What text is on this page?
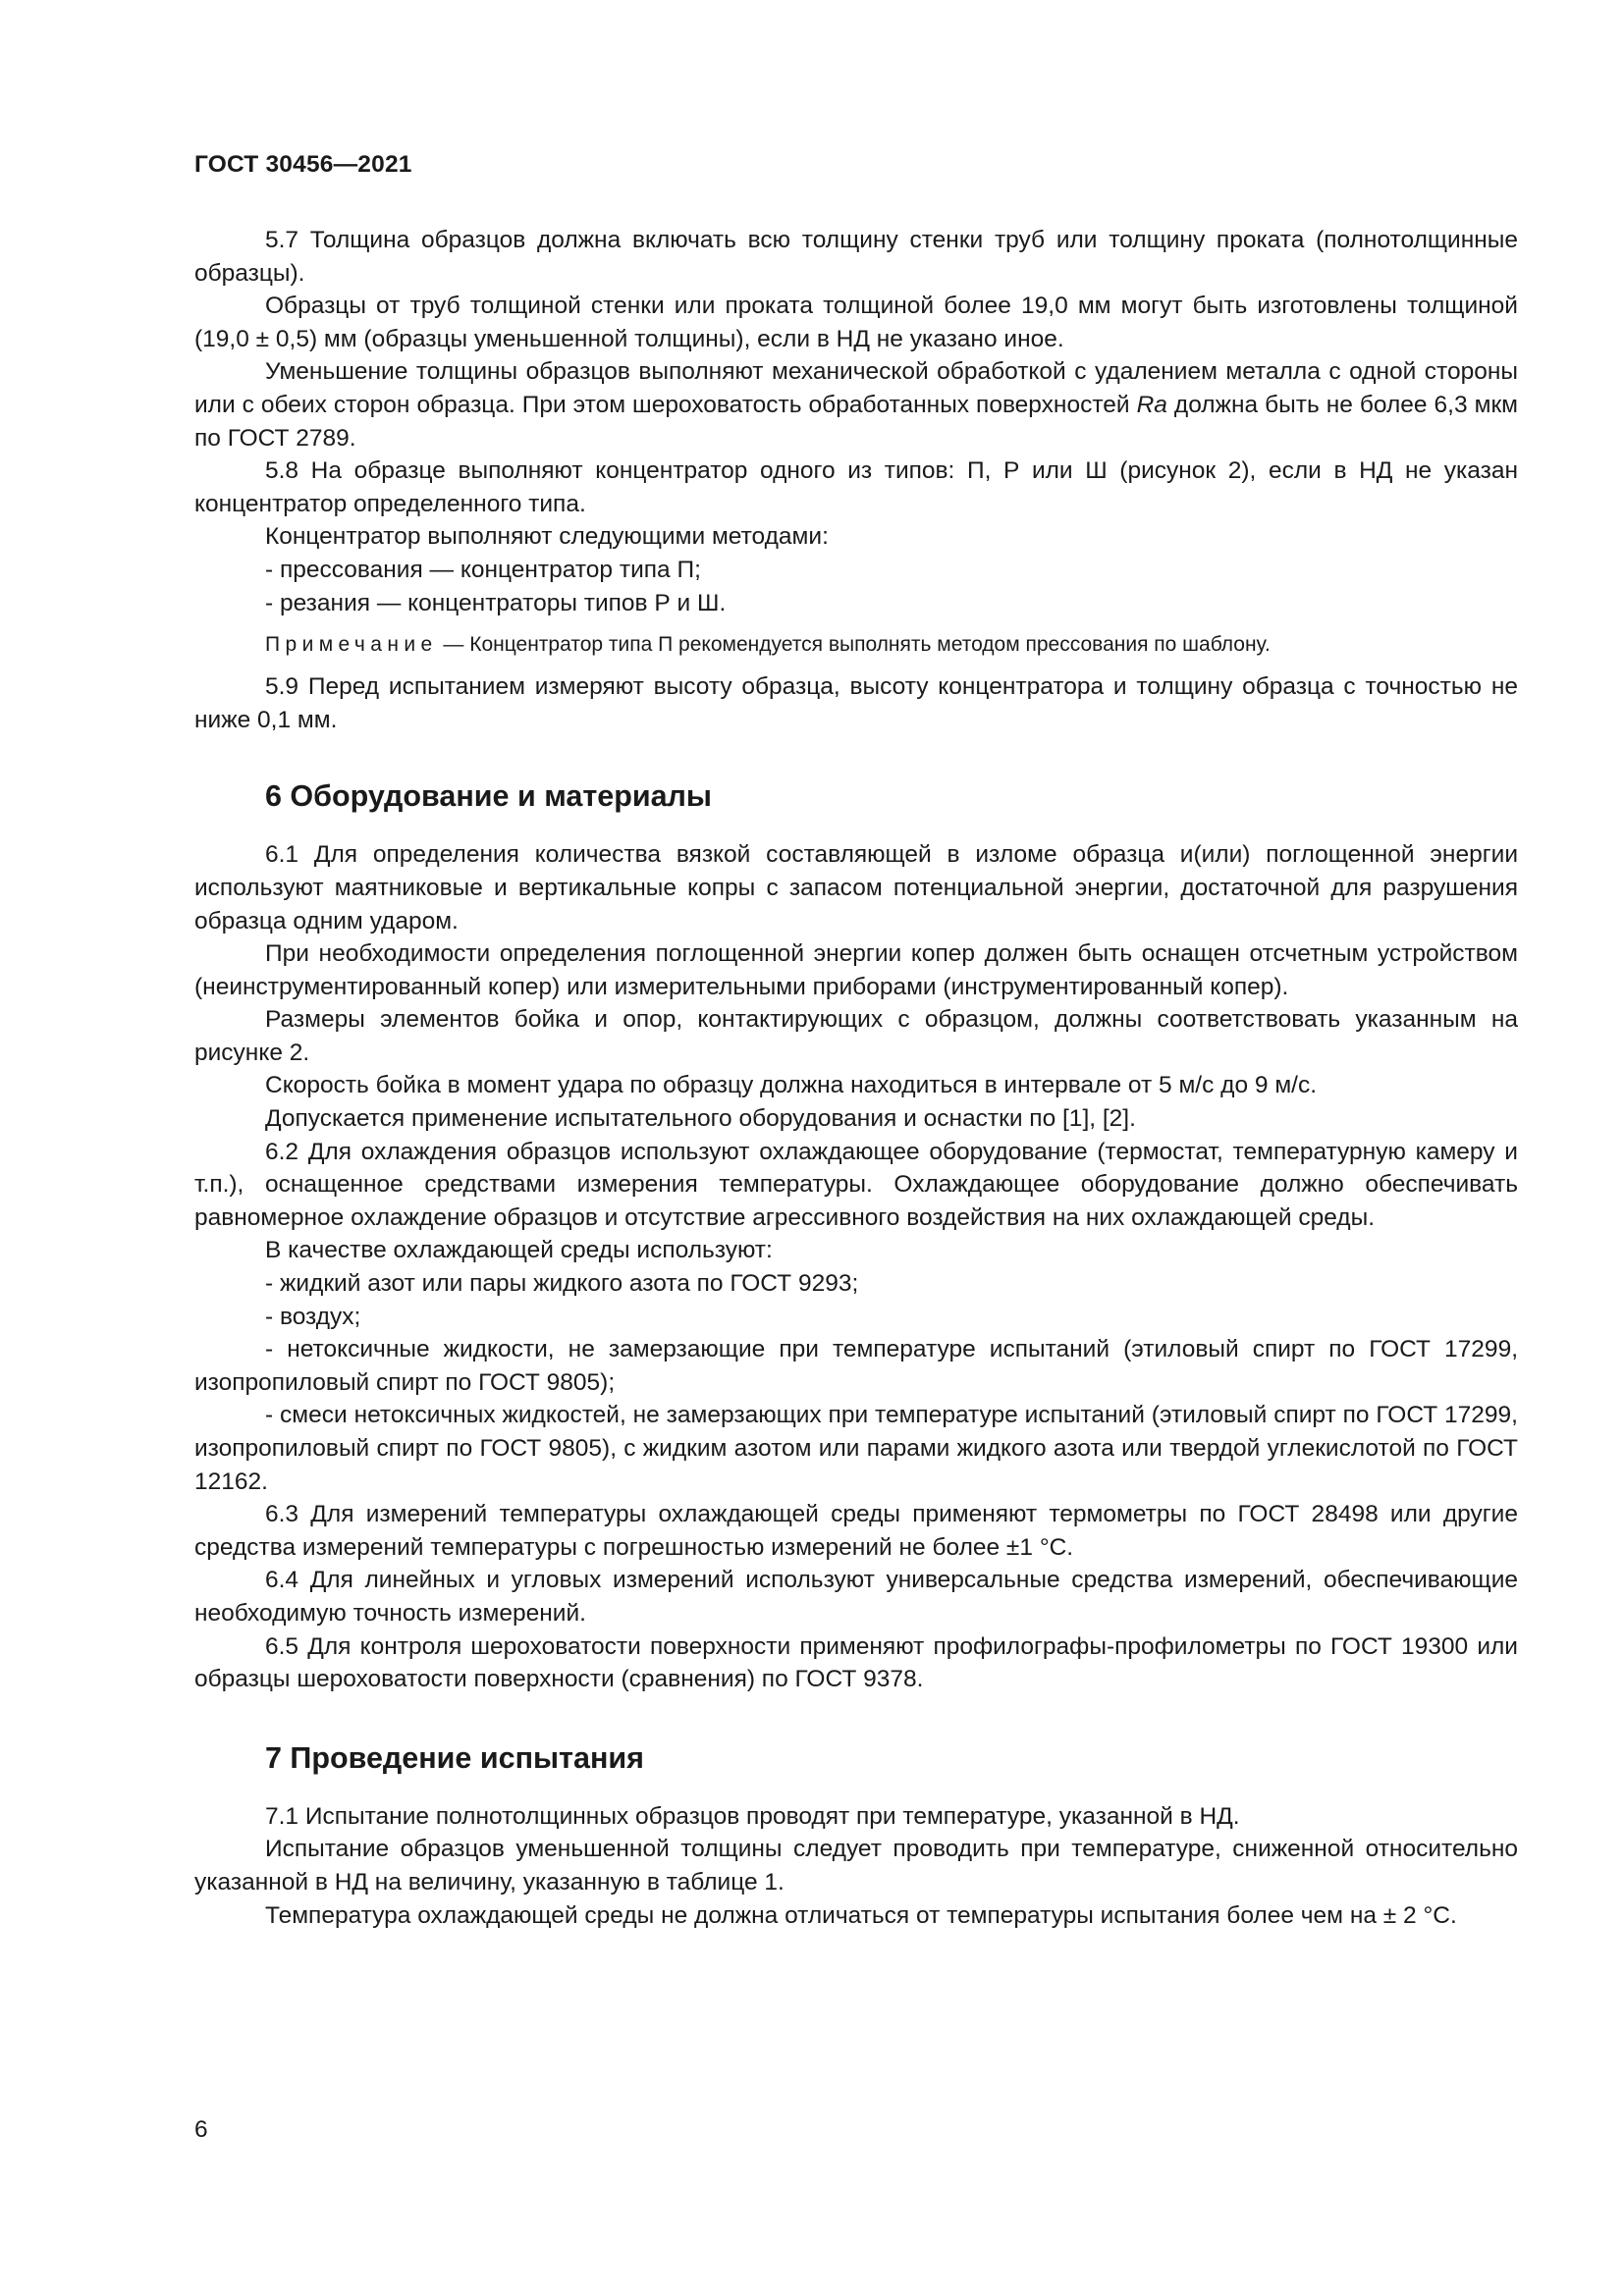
ГОСТ 30456—2021

5.7 Толщина образцов должна включать всю толщину стенки труб или толщину проката (полнотолщинные образцы).

Образцы от труб толщиной стенки или проката толщиной более 19,0 мм могут быть изготовлены толщиной (19,0 ± 0,5) мм (образцы уменьшенной толщины), если в НД не указано иное.

Уменьшение толщины образцов выполняют механической обработкой с удалением металла с одной стороны или с обеих сторон образца. При этом шероховатость обработанных поверхностей Ra должна быть не более 6,3 мкм по ГОСТ 2789.

5.8 На образце выполняют концентратор одного из типов: П, Р или Ш (рисунок 2), если в НД не указан концентратор определенного типа.

Концентратор выполняют следующими методами:

- прессования — концентратор типа П;

- резания — концентраторы типов Р и Ш.

Примечание — Концентратор типа П рекомендуется выполнять методом прессования по шаблону.

5.9 Перед испытанием измеряют высоту образца, высоту концентратора и толщину образца с точностью не ниже 0,1 мм.

6 Оборудование и материалы

6.1 Для определения количества вязкой составляющей в изломе образца и(или) поглощенной энергии используют маятниковые и вертикальные копры с запасом потенциальной энергии, достаточной для разрушения образца одним ударом.

При необходимости определения поглощенной энергии копер должен быть оснащен отсчетным устройством (неинструментированный копер) или измерительными приборами (инструментированный копер).

Размеры элементов бойка и опор, контактирующих с образцом, должны соответствовать указанным на рисунке 2.

Скорость бойка в момент удара по образцу должна находиться в интервале от 5 м/с до 9 м/с.

Допускается применение испытательного оборудования и оснастки по [1], [2].

6.2 Для охлаждения образцов используют охлаждающее оборудование (термостат, температурную камеру и т.п.), оснащенное средствами измерения температуры. Охлаждающее оборудование должно обеспечивать равномерное охлаждение образцов и отсутствие агрессивного воздействия на них охлаждающей среды.

В качестве охлаждающей среды используют:

- жидкий азот или пары жидкого азота по ГОСТ 9293;

- воздух;

- нетоксичные жидкости, не замерзающие при температуре испытаний (этиловый спирт по ГОСТ 17299, изопропиловый спирт по ГОСТ 9805);

- смеси нетоксичных жидкостей, не замерзающих при температуре испытаний (этиловый спирт по ГОСТ 17299, изопропиловый спирт по ГОСТ 9805), с жидким азотом или парами жидкого азота или твердой углекислотой по ГОСТ 12162.

6.3 Для измерений температуры охлаждающей среды применяют термометры по ГОСТ 28498 или другие средства измерений температуры с погрешностью измерений не более ±1 °С.

6.4 Для линейных и угловых измерений используют универсальные средства измерений, обеспечивающие необходимую точность измерений.

6.5 Для контроля шероховатости поверхности применяют профилографы-профилометры по ГОСТ 19300 или образцы шероховатости поверхности (сравнения) по ГОСТ 9378.

7 Проведение испытания

7.1 Испытание полнотолщинных образцов проводят при температуре, указанной в НД.

Испытание образцов уменьшенной толщины следует проводить при температуре, сниженной относительно указанной в НД на величину, указанную в таблице 1.

Температура охлаждающей среды не должна отличаться от температуры испытания более чем на ± 2 °С.

6
